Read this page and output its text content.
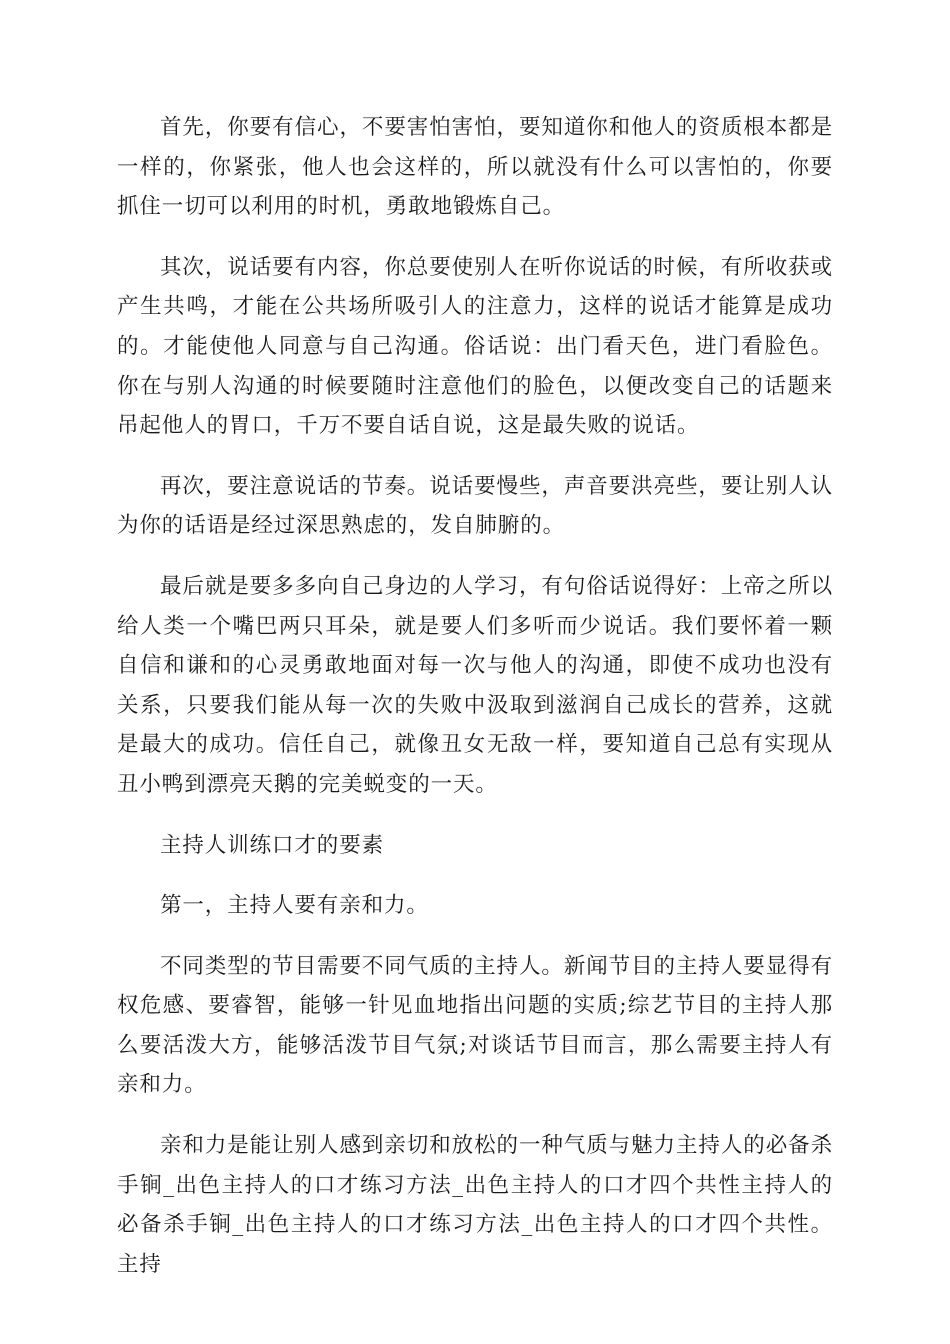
首先，你要有信心，不要害怕害怕，要知道你和他人的资质根本都是一样的，你紧张，他人也会这样的，所以就没有什么可以害怕的，你要抓住一切可以利用的时机，勇敢地锻炼自己。

其次，说话要有内容，你总要使别人在听你说话的时候，有所收获或产生共鸣，才能在公共场所吸引人的注意力，这样的说话才能算是成功的。才能使他人同意与自己沟通。俗话说：出门看天色，进门看脸色。你在与别人沟通的时候要随时注意他们的脸色，以便改变自己的话题来吊起他人的胃口，千万不要自话自说，这是最失败的说话。

再次，要注意说话的节奏。说话要慢些，声音要洪亮些，要让别人认为你的话语是经过深思熟虑的，发自肺腑的。

最后就是要多多向自己身边的人学习，有句俗话说得好：上帝之所以给人类一个嘴巴两只耳朵，就是要人们多听而少说话。我们要怀着一颗自信和谦和的心灵勇敢地面对每一次与他人的沟通，即使不成功也没有关系，只要我们能从每一次的失败中汲取到滋润自己成长的营养，这就是最大的成功。信任自己，就像丑女无敌一样，要知道自己总有实现从丑小鸭到漂亮天鹅的完美蜕变的一天。

主持人训练口才的要素

第一，主持人要有亲和力。

不同类型的节目需要不同气质的主持人。新闻节目的主持人要显得有权危感、要睿智，能够一针见血地指出问题的实质;综艺节目的主持人那么要活泼大方，能够活泼节目气氛;对谈话节目而言，那么需要主持人有亲和力。

亲和力是能让别人感到亲切和放松的一种气质与魅力主持人的必备杀手锏_出色主持人的口才练习方法_出色主持人的口才四个共性主持人的必备杀手锏_出色主持人的口才练习方法_出色主持人的口才四个共性。主持
